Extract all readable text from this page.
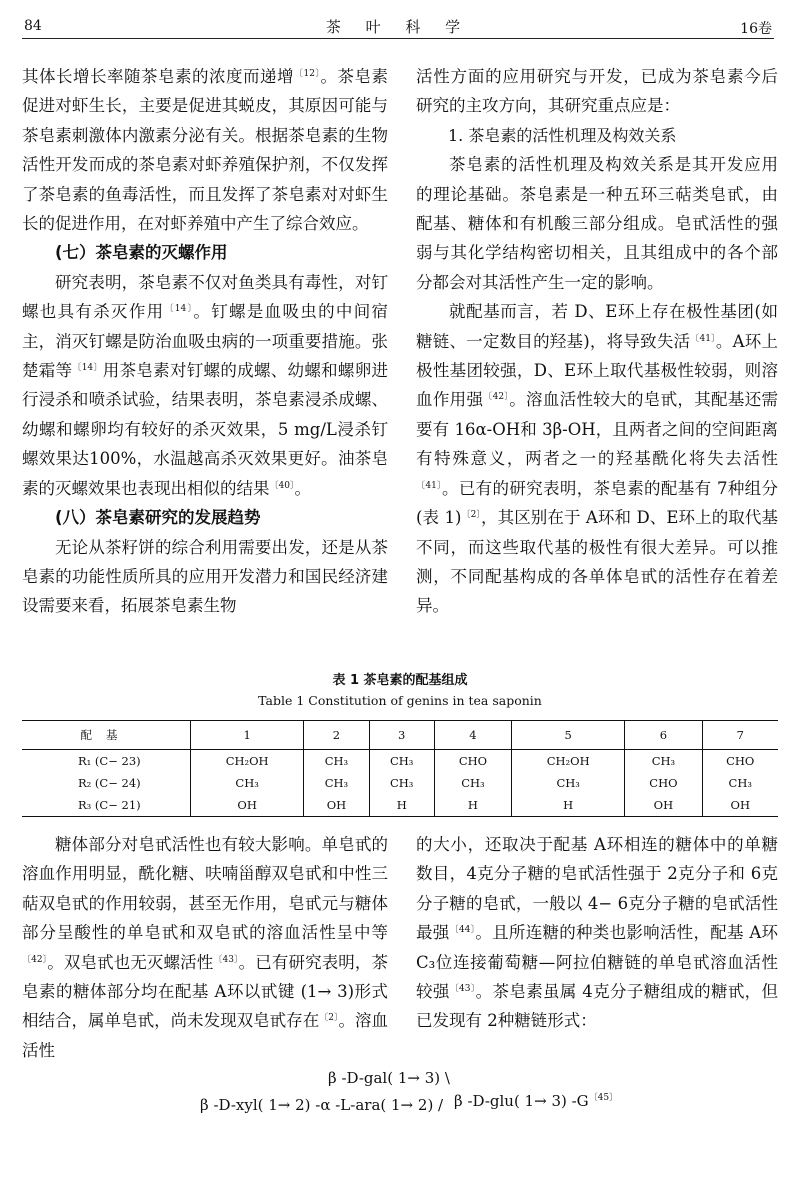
84	茶 叶 科 学	16卷

其体长增长率随茶皂素的浓度而递增$^{〔12〕}$。茶皂素促进对虾生长，主要是促进其蜕皮，其原因可能与茶皂素刺激体内激素分泌有关。根据茶皂素的生物活性开发而成的茶皂素对虾养殖保护剂，不仅发挥了茶皂素的鱼毒活性，而且发挥了茶皂素对对虾生长的促进作用，在对虾养殖中产生了综合效应。

(七）茶皂素的灭螺作用

研究表明，茶皂素不仅对鱼类具有毒性，对钉螺也具有杀灭作用$^{〔14〕}$。钉螺是血吸虫的中间宿主，消灭钉螺是防治血吸虫病的一项重要措施。张楚霜等$^{〔14〕}$用茶皂素对钉螺的成螺、幼螺和螺卵进行浸杀和喷杀试验，结果表明，茶皂素浸杀成螺、幼螺和螺卵均有较好的杀灭效果，5 mg/L浸杀钉螺效果达100%，水温越高杀灭效果更好。油茶皂素的灭螺效果也表现出相似的结果$^{〔40〕}$。

(八）茶皂素研究的发展趋势

无论从茶籽饼的综合利用需要出发，还是从茶皂素的功能性质所具的应用开发潜力和国民经济建设需要来看，拓展茶皂素生物

活性方面的应用研究与开发，已成为茶皂素今后研究的主攻方向，其研究重点应是：

1. 茶皂素的活性机理及构效关系

茶皂素的活性机理及构效关系是其开发应用的理论基础。茶皂素是一种五环三萜类皂甙，由配基、糖体和有机酸三部分组成。皂甙活性的强弱与其化学结构密切相关，且其组成中的各个部分都会对其活性产生一定的影响。

就配基而言，若 D、E环上存在极性基团(如糖链、一定数目的羟基)，将导致失活$^{〔41〕}$。A环上极性基团较强，D、E环上取代基极性较弱，则溶血作用强$^{〔42〕}$。溶血活性较大的皂甙，其配基还需要有 16α-OH和 3β-OH，且两者之间的空间距离有特殊意义，两者之一的羟基酰化将失去活性$^{〔41〕}$。已有的研究表明，茶皂素的配基有 7种组分 (表 1)$^{〔2〕}$，其区别在于 A环和 D、E环上的取代基不同，而这些取代基的极性有很大差异。可以推测，不同配基构成的各单体皂甙的活性存在着差异。

表 1 茶皂素的配基组成
Table 1 Constitution of genins in tea saponin
配基	1	2	3	4	5	6	7
R₁ (C− 23)	CH₂OH	CH₃	CH₃	CHO	CH₂OH	CH₃	CHO
R₂ (C− 24)	CH₃	CH₃	CH₃	CH₃	CH₃	CHO	CH₃
R₃ (C− 21)	OH	OH	H	H	H	OH	OH

糖体部分对皂甙活性也有较大影响。单皂甙的溶血作用明显，酰化糖、呋喃甾醇双皂甙和中性三萜双皂甙的作用较弱，甚至无作用，皂甙元与糖体部分呈酸性的单皂甙和双皂甙的溶血活性呈中等$^{〔42〕}$。双皂甙也无灭螺活性$^{〔43〕}$。已有研究表明，茶皂素的糖体部分均在配基 A环以甙键 (1→ 3)形式相结合，属单皂甙，尚未发现双皂甙存在$^{〔2〕}$。溶血活性

的大小，还取决于配基 A环相连的糖体中的单糖数目，4克分子糖的皂甙活性强于 2克分子和 6克分子糖的皂甙，一般以 4− 6克分子糖的皂甙活性最强$^{〔44〕}$。且所连糖的种类也影响活性，配基 A环 C₃位连接葡萄糖—阿拉伯糖链的单皂甙溶血活性较强$^{〔43〕}$。茶皂素虽属 4克分子糖组成的糖甙，但已发现有 2种糖链形式：

β -D-gal( 1→ 3) \
β -D-xyl( 1→ 2) -α -L-ara( 1→ 2) / β -D-glu( 1→ 3) $-G^{〔45〕}$
